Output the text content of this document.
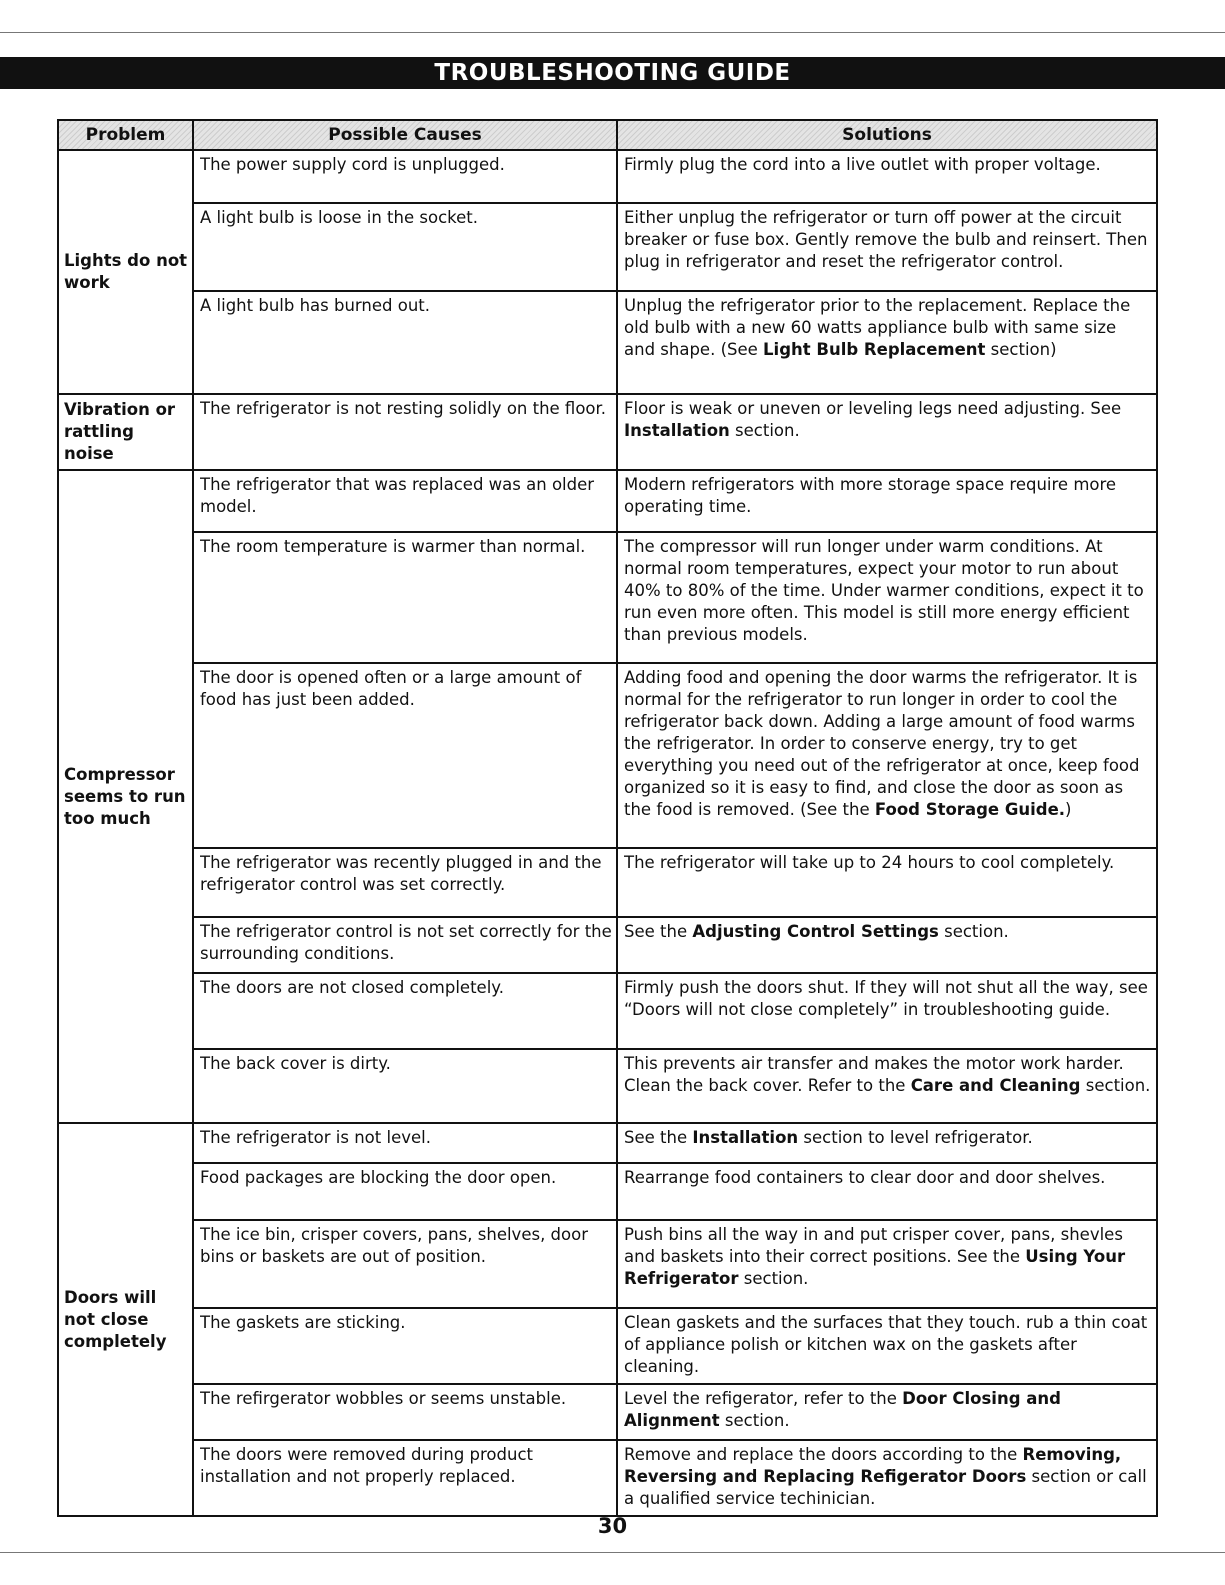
TROUBLESHOOTING GUIDE
Problem	Possible Causes	Solutions

Lights do not work	The power supply cord is unplugged.	Firmly plug the cord into a live outlet with proper voltage.

	A light bulb is loose in the socket.	Either unplug the refrigerator or turn off power at the circuit breaker or fuse box. Gently remove the bulb and reinsert. Then plug in refrigerator and reset the refrigerator control.

	A light bulb has burned out.	Unplug the refrigerator prior to the replacement. Replace the old bulb with a new 60 watts appliance bulb with same size and shape. (See Light Bulb Replacement section)

Vibration or rattling noise	The refrigerator is not resting solidly on the floor.	Floor is weak or uneven or leveling legs need adjusting. See Installation section.

Compressor seems to run too much	The refrigerator that was replaced was an older model.	Modern refrigerators with more storage space require more operating time.

	The room temperature is warmer than normal.	The compressor will run longer under warm conditions. At normal room temperatures, expect your motor to run about 40% to 80% of the time. Under warmer conditions, expect it to run even more often. This model is still more energy efficient than previous models.

	The door is opened often or a large amount of food has just been added.	Adding food and opening the door warms the refrigerator. It is normal for the refrigerator to run longer in order to cool the refrigerator back down. Adding a large amount of food warms the refrigerator. In order to conserve energy, try to get everything you need out of the refrigerator at once, keep food organized so it is easy to find, and close the door as soon as the food is removed. (See the Food Storage Guide.)

	The refrigerator was recently plugged in and the refrigerator control was set correctly.	The refrigerator will take up to 24 hours to cool completely.

	The refrigerator control is not set correctly for the surrounding conditions.	See the Adjusting Control Settings section.

	The doors are not closed completely.	Firmly push the doors shut. If they will not shut all the way, see “Doors will not close completely” in troubleshooting guide.

	The back cover is dirty.	This prevents air transfer and makes the motor work harder. Clean the back cover. Refer to the Care and Cleaning section.

Doors will not close completely	The refrigerator is not level.	See the Installation section to level refrigerator.

	Food packages are blocking the door open.	Rearrange food containers to clear door and door shelves.

	The ice bin, crisper covers, pans, shelves, door bins or baskets are out of position.	Push bins all the way in and put crisper cover, pans, shevles and baskets into their correct positions. See the Using Your Refrigerator section.

	The gaskets are sticking.	Clean gaskets and the surfaces that they touch. rub a thin coat of appliance polish or kitchen wax on the gaskets after cleaning.

	The refirgerator wobbles or seems unstable.	Level the refigerator, refer to the Door Closing and Alignment section.

	The doors were removed during product installation and not properly replaced.	Remove and replace the doors according to the Removing, Reversing and Replacing Refigerator Doors section or call a qualified service techinician.
30
